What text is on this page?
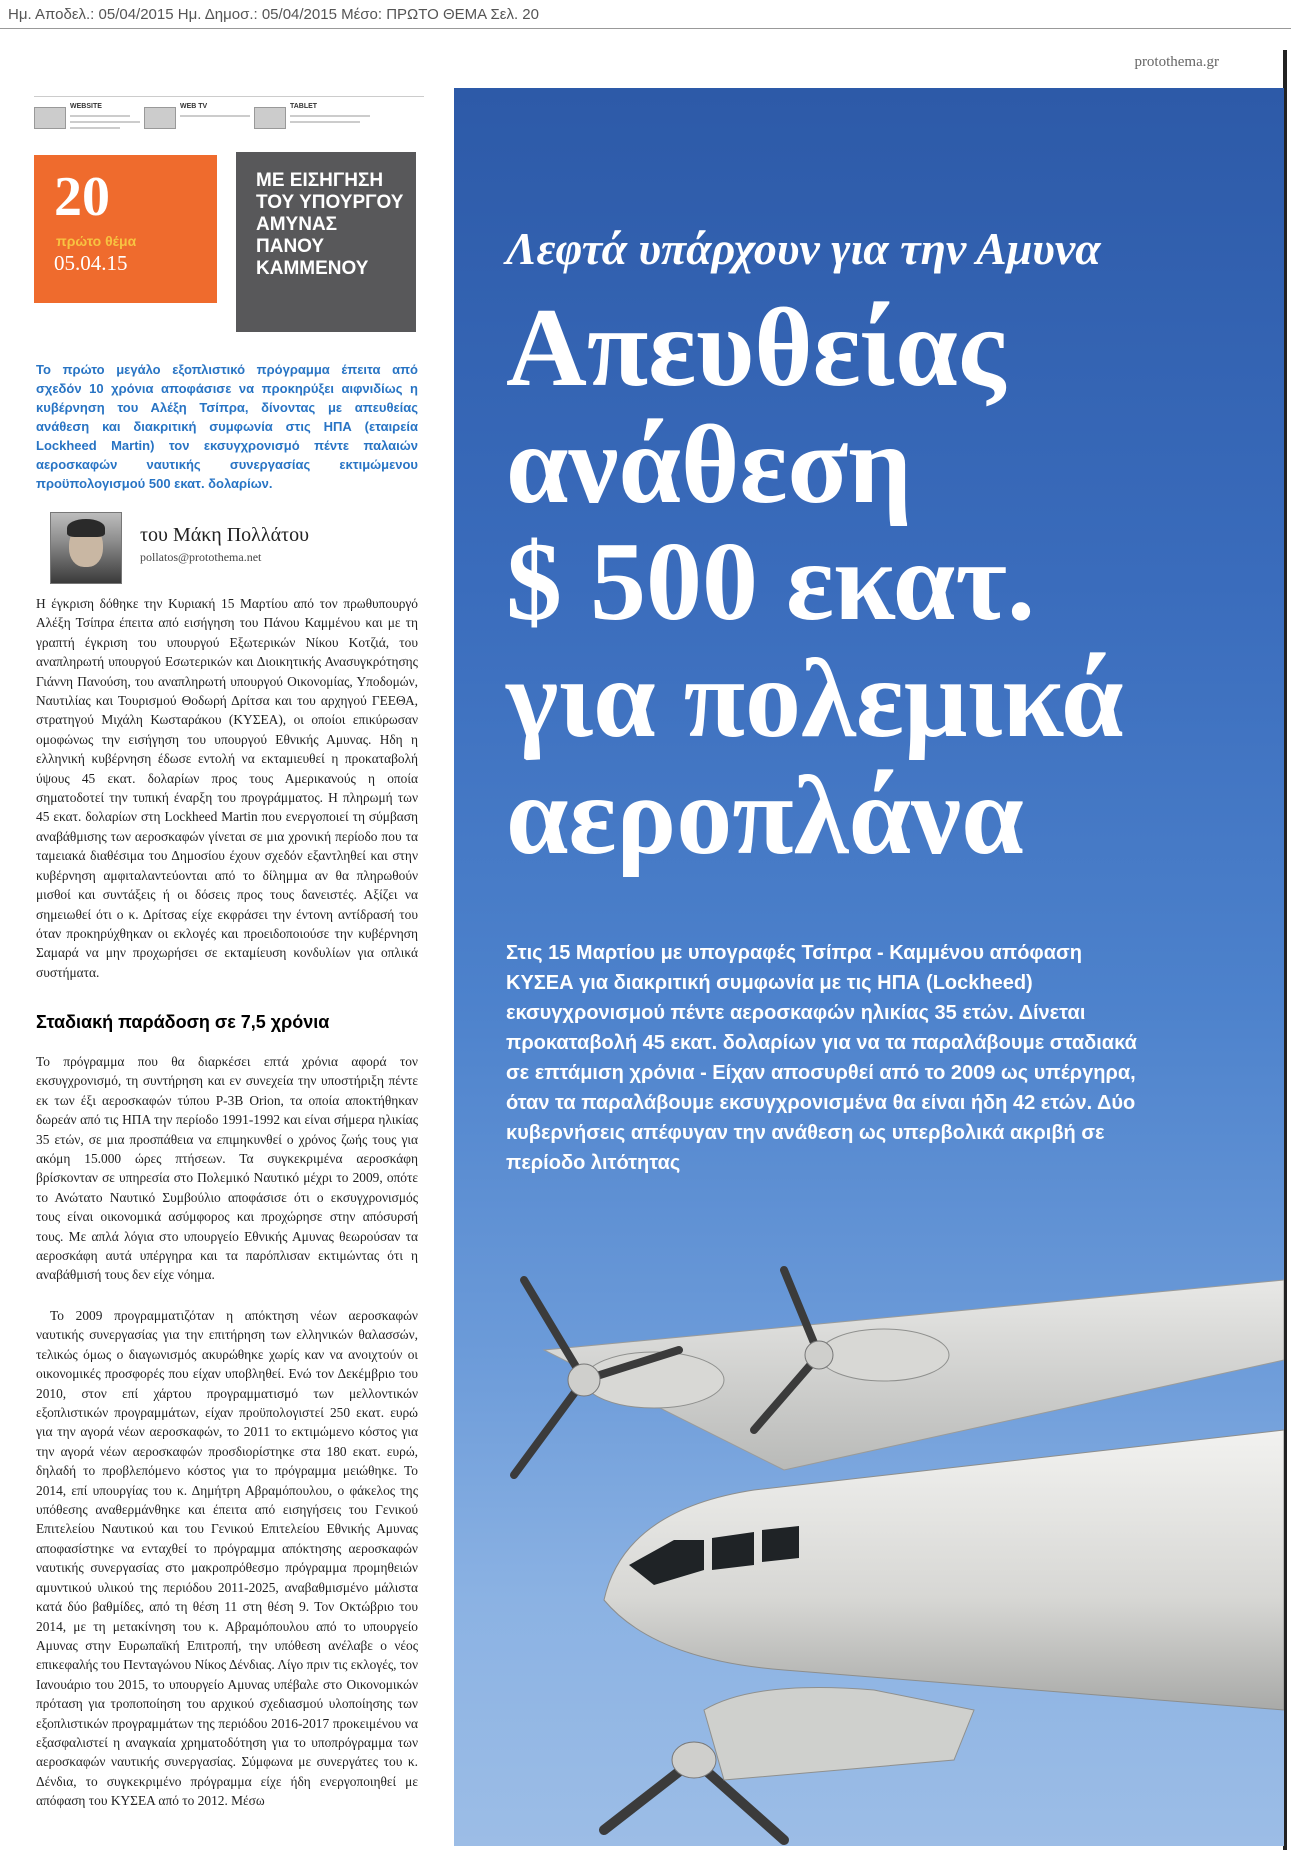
Ημ. Αποδελ.: 05/04/2015 Ημ. Δημοσ.: 05/04/2015 Μέσο: ΠΡΩΤΟ ΘΕΜΑ Σελ. 20
protothema.gr
WEBSITE	WEB TV	TABLET
20
πρώτο θέμα
05.04.15
ΜΕ ΕΙΣΗΓΗΣΗ
ΤΟΥ ΥΠΟΥΡΓΟΥ
ΑΜΥΝΑΣ
ΠΑΝΟΥ
ΚΑΜΜΕΝΟΥ
Το πρώτο μεγάλο εξοπλιστικό πρόγραμμα έπειτα από σχεδόν 10 χρόνια αποφάσισε να προκηρύξει αιφνιδίως η κυβέρνηση του Αλέξη Τσίπρα, δίνοντας με απευθείας ανάθεση και διακριτική συμφωνία στις ΗΠΑ (εταιρεία Lockheed Martin) τον εκσυγχρονισμό πέντε παλαιών αεροσκαφών ναυτικής συνεργασίας εκτιμώμενου προϋπολογισμού 500 εκατ. δολαρίων.
του Μάκη Πολλάτου
pollatos@protothema.net

Η έγκριση δόθηκε την Κυριακή 15 Μαρτίου από τον πρωθυπουργό Αλέξη Τσίπρα έπειτα από εισήγηση του Πάνου Καμμένου και με τη γραπτή έγκριση του υπουργού Εξωτερικών Νίκου Κοτζιά, του αναπληρωτή υπουργού Εσωτερικών και Διοικητικής Ανασυγκρότησης Γιάννη Πανούση, του αναπληρωτή υπουργού Οικονομίας, Υποδομών, Ναυτιλίας και Τουρισμού Θοδωρή Δρίτσα και του αρχηγού ΓΕΕΘΑ, στρατηγού Μιχάλη Κωσταράκου (ΚΥΣΕΑ), οι οποίοι επικύρωσαν ομοφώνως την εισήγηση του υπουργού Εθνικής Αμυνας. Ηδη η ελληνική κυβέρνηση έδωσε εντολή να εκταμιευθεί η προκαταβολή ύψους 45 εκατ. δολαρίων προς τους Αμερικανούς η οποία σηματοδοτεί την τυπική έναρξη του προγράμματος. Η πληρωμή των 45 εκατ. δολαρίων στη Lockheed Martin που ενεργοποιεί τη σύμβαση αναβάθμισης των αεροσκαφών γίνεται σε μια χρονική περίοδο που τα ταμειακά διαθέσιμα του Δημοσίου έχουν σχεδόν εξαντληθεί και στην κυβέρνηση αμφιταλαντεύονται από το δίλημμα αν θα πληρωθούν μισθοί και συντάξεις ή οι δόσεις προς τους δανειστές. Αξίζει να σημειωθεί ότι ο κ. Δρίτσας είχε εκφράσει την έντονη αντίδρασή του όταν προκηρύχθηκαν οι εκλογές και προειδοποιούσε την κυβέρνηση Σαμαρά να μην προχωρήσει σε εκταμίευση κονδυλίων για οπλικά συστήματα.

Σταδιακή παράδοση σε 7,5 χρόνια

Το πρόγραμμα που θα διαρκέσει επτά χρόνια αφορά τον εκσυγχρονισμό, τη συντήρηση και εν συνεχεία την υποστήριξη πέντε εκ των έξι αεροσκαφών τύπου P-3B Orion, τα οποία αποκτήθηκαν δωρεάν από τις ΗΠΑ την περίοδο 1991-1992 και είναι σήμερα ηλικίας 35 ετών, σε μια προσπάθεια να επιμηκυνθεί ο χρόνος ζωής τους για ακόμη 15.000 ώρες πτήσεων. Τα συγκεκριμένα αεροσκάφη βρίσκονταν σε υπηρεσία στο Πολεμικό Ναυτικό μέχρι το 2009, οπότε το Ανώτατο Ναυτικό Συμβούλιο αποφάσισε ότι ο εκσυγχρονισμός τους είναι οικονομικά ασύμφορος και προχώρησε στην απόσυρσή τους. Με απλά λόγια στο υπουργείο Εθνικής Αμυνας θεωρούσαν τα αεροσκάφη αυτά υπέργηρα και τα παρόπλισαν εκτιμώντας ότι η αναβάθμισή τους δεν είχε νόημα.

Το 2009 προγραμματιζόταν η απόκτηση νέων αεροσκαφών ναυτικής συνεργασίας για την επιτήρηση των ελληνικών θαλασσών, τελικώς όμως ο διαγωνισμός ακυρώθηκε χωρίς καν να ανοιχτούν οι οικονομικές προσφορές που είχαν υποβληθεί. Ενώ τον Δεκέμβριο του 2010, στον επί χάρτου προγραμματισμό των μελλοντικών εξοπλιστικών προγραμμάτων, είχαν προϋπολογιστεί 250 εκατ. ευρώ για την αγορά νέων αεροσκαφών, το 2011 το εκτιμώμενο κόστος για την αγορά νέων αεροσκαφών προσδιορίστηκε στα 180 εκατ. ευρώ, δηλαδή το προβλεπόμενο κόστος για το πρόγραμμα μειώθηκε. Το 2014, επί υπουργίας του κ. Δημήτρη Αβραμόπουλου, ο φάκελος της υπόθεσης αναθερμάνθηκε και έπειτα από εισηγήσεις του Γενικού Επιτελείου Ναυτικού και του Γενικού Επιτελείου Εθνικής Αμυνας αποφασίστηκε να ενταχθεί το πρόγραμμα απόκτησης αεροσκαφών ναυτικής συνεργασίας στο μακροπρόθεσμο πρόγραμμα προμηθειών αμυντικού υλικού της περιόδου 2011-2025, αναβαθμισμένο μάλιστα κατά δύο βαθμίδες, από τη θέση 11 στη θέση 9. Τον Οκτώβριο του 2014, με τη μετακίνηση του κ. Αβραμόπουλου από το υπουργείο Αμυνας στην Ευρωπαϊκή Επιτροπή, την υπόθεση ανέλαβε ο νέος επικεφαλής του Πενταγώνου Νίκος Δένδιας. Λίγο πριν τις εκλογές, τον Ιανουάριο του 2015, το υπουργείο Αμυνας υπέβαλε στο Οικονομικών πρόταση για τροποποίηση του αρχικού σχεδιασμού υλοποίησης των εξοπλιστικών προγραμμάτων της περιόδου 2016-2017 προκειμένου να εξασφαλιστεί η αναγκαία χρηματοδότηση για το υποπρόγραμμα των αεροσκαφών ναυτικής συνεργασίας. Σύμφωνα με συνεργάτες του κ. Δένδια, το συγκεκριμένο πρόγραμμα είχε ήδη ενεργοποιηθεί με απόφαση του ΚΥΣΕΑ από το 2012. Μέσω

Λεφτά υπάρχουν για την Αμυνα
Απευθείας
ανάθεση
$ 500 εκατ.
για πολεμικά
αεροπλάνα
Στις 15 Μαρτίου με υπογραφές Τσίπρα - Καμμένου απόφαση ΚΥΣΕΑ για διακριτική συμφωνία με τις ΗΠΑ (Lockheed) εκσυγχρονισμού πέντε αεροσκαφών ηλικίας 35 ετών. Δίνεται προκαταβολή 45 εκατ. δολαρίων για να τα παραλάβουμε σταδιακά σε επτάμιση χρόνια - Είχαν αποσυρθεί από το 2009 ως υπέργηρα, όταν τα παραλάβουμε εκσυγχρονισμένα θα είναι ήδη 42 ετών. Δύο κυβερνήσεις απέφυγαν την ανάθεση ως υπερβολικά ακριβή σε περίοδο λιτότητας
